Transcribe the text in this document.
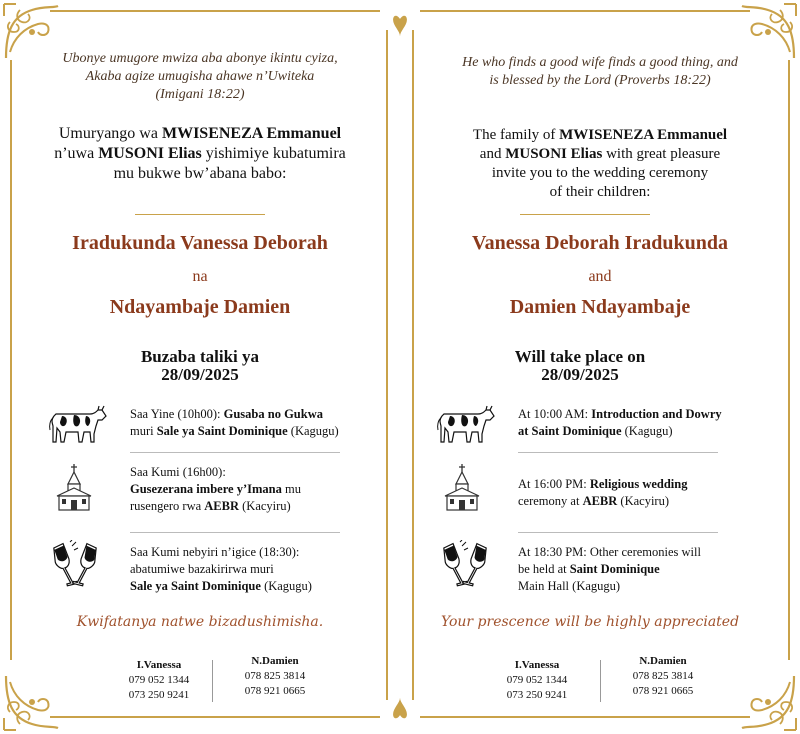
Ubonye umugore mwiza aba abonye ikintu cyiza,
Akaba agize umugisha ahawe n’Uwiteka
(Imigani 18:22)
Umuryango wa MWISENEZA Emmanuel
n’uwa MUSONI Elias yishimiye kubatumira
mu bukwe bw’abana babo:
Iradukunda Vanessa Deborah
na
Ndayambaje Damien
Buzaba taliki ya
28/09/2025
Saa Yine (10h00): Gusaba no Gukwa
muri Sale ya Saint Dominique (Kagugu)
Saa Kumi (16h00):
Gusezerana imbere y’Imana mu
rusengero rwa AEBR (Kacyiru)
Saa Kumi nebyiri n’igice (18:30):
abatumiwe bazakirirwa muri
Sale ya Saint Dominique (Kagugu)
Kwifatanya natwe bizadushimisha.
I.Vanessa
079 052 1344
073 250 9241
N.Damien
078 825 3814
078 921 0665
He who finds a good wife finds a good thing, and
is blessed by the Lord (Proverbs 18:22)
The family of MWISENEZA Emmanuel
and MUSONI Elias with great pleasure
invite you to the wedding ceremony
of their children:
Vanessa Deborah Iradukunda
and
Damien Ndayambaje
Will take place on
28/09/2025
At 10:00 AM: Introduction and Dowry
at Saint Dominique (Kagugu)
At 16:00 PM: Religious wedding
ceremony at AEBR (Kacyiru)
At 18:30 PM: Other ceremonies will
be held at Saint Dominique
Main Hall (Kagugu)
Your prescence will be highly appreciated
I.Vanessa
079 052 1344
073 250 9241
N.Damien
078 825 3814
078 921 0665
